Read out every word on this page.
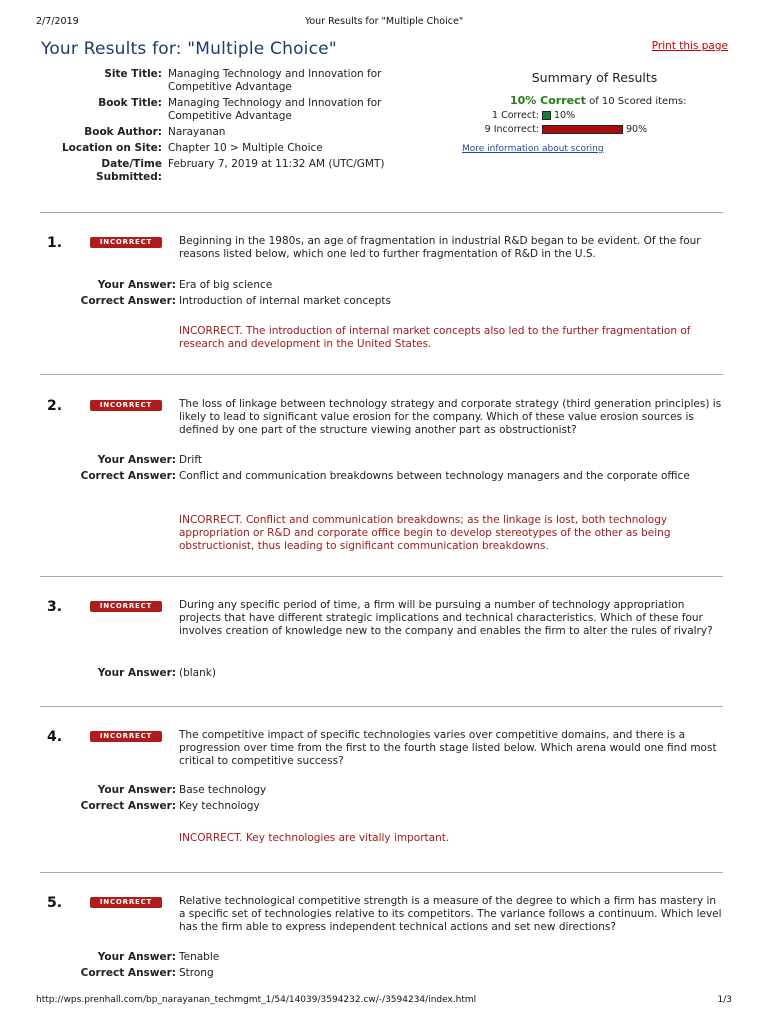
2/7/2019	Your Results for "Multiple Choice"
Your Results for: "Multiple Choice"	Print this page
Site Title: Managing Technology and Innovation for Competitive Advantage
Book Title: Managing Technology and Innovation for Competitive Advantage
Book Author: Narayanan
Location on Site: Chapter 10 > Multiple Choice
Date/Time Submitted:
February 7, 2019 at 11:32 AM (UTC/GMT)
Summary of Results
10% Correct of 10 Scored items:
1 Correct:	10%
9 Incorrect:	90%
More information about scoring
1.	INCORRECT	Beginning in the 1980s, an age of fragmentation in industrial R&D began to be evident. Of the four reasons listed below, which one led to further fragmentation of R&D in the U.S.
Your Answer: Era of big science
Correct Answer: Introduction of internal market concepts
INCORRECT. The introduction of internal market concepts also led to the further fragmentation of research and development in the United States.
2.	INCORRECT	The loss of linkage between technology strategy and corporate strategy (third generation principles) is likely to lead to significant value erosion for the company. Which of these value erosion sources is defined by one part of the structure viewing another part as obstructionist?
Your Answer: Drift
Correct Answer: Conflict and communication breakdowns between technology managers and the corporate office
INCORRECT. Conflict and communication breakdowns; as the linkage is lost, both technology appropriation or R&D and corporate office begin to develop stereotypes of the other as being obstructionist, thus leading to significant communication breakdowns.
3.	INCORRECT	During any specific period of time, a firm will be pursuing a number of technology appropriation projects that have different strategic implications and technical characteristics. Which of these four involves creation of knowledge new to the company and enables the firm to alter the rules of rivalry?
Your Answer: (blank)
4.	INCORRECT	The competitive impact of specific technologies varies over competitive domains, and there is a progression over time from the first to the fourth stage listed below. Which arena would one find most critical to competitive success?
Your Answer: Base technology
Correct Answer: Key technology
INCORRECT. Key technologies are vitally important.
5.	INCORRECT	Relative technological competitive strength is a measure of the degree to which a firm has mastery in a specific set of technologies relative to its competitors. The variance follows a continuum. Which level has the firm able to express independent technical actions and set new directions?
Your Answer: Tenable
Correct Answer: Strong
http://wps.prenhall.com/bp_narayanan_techmgmt_1/54/14039/3594232.cw/-/3594234/index.html	1/3
